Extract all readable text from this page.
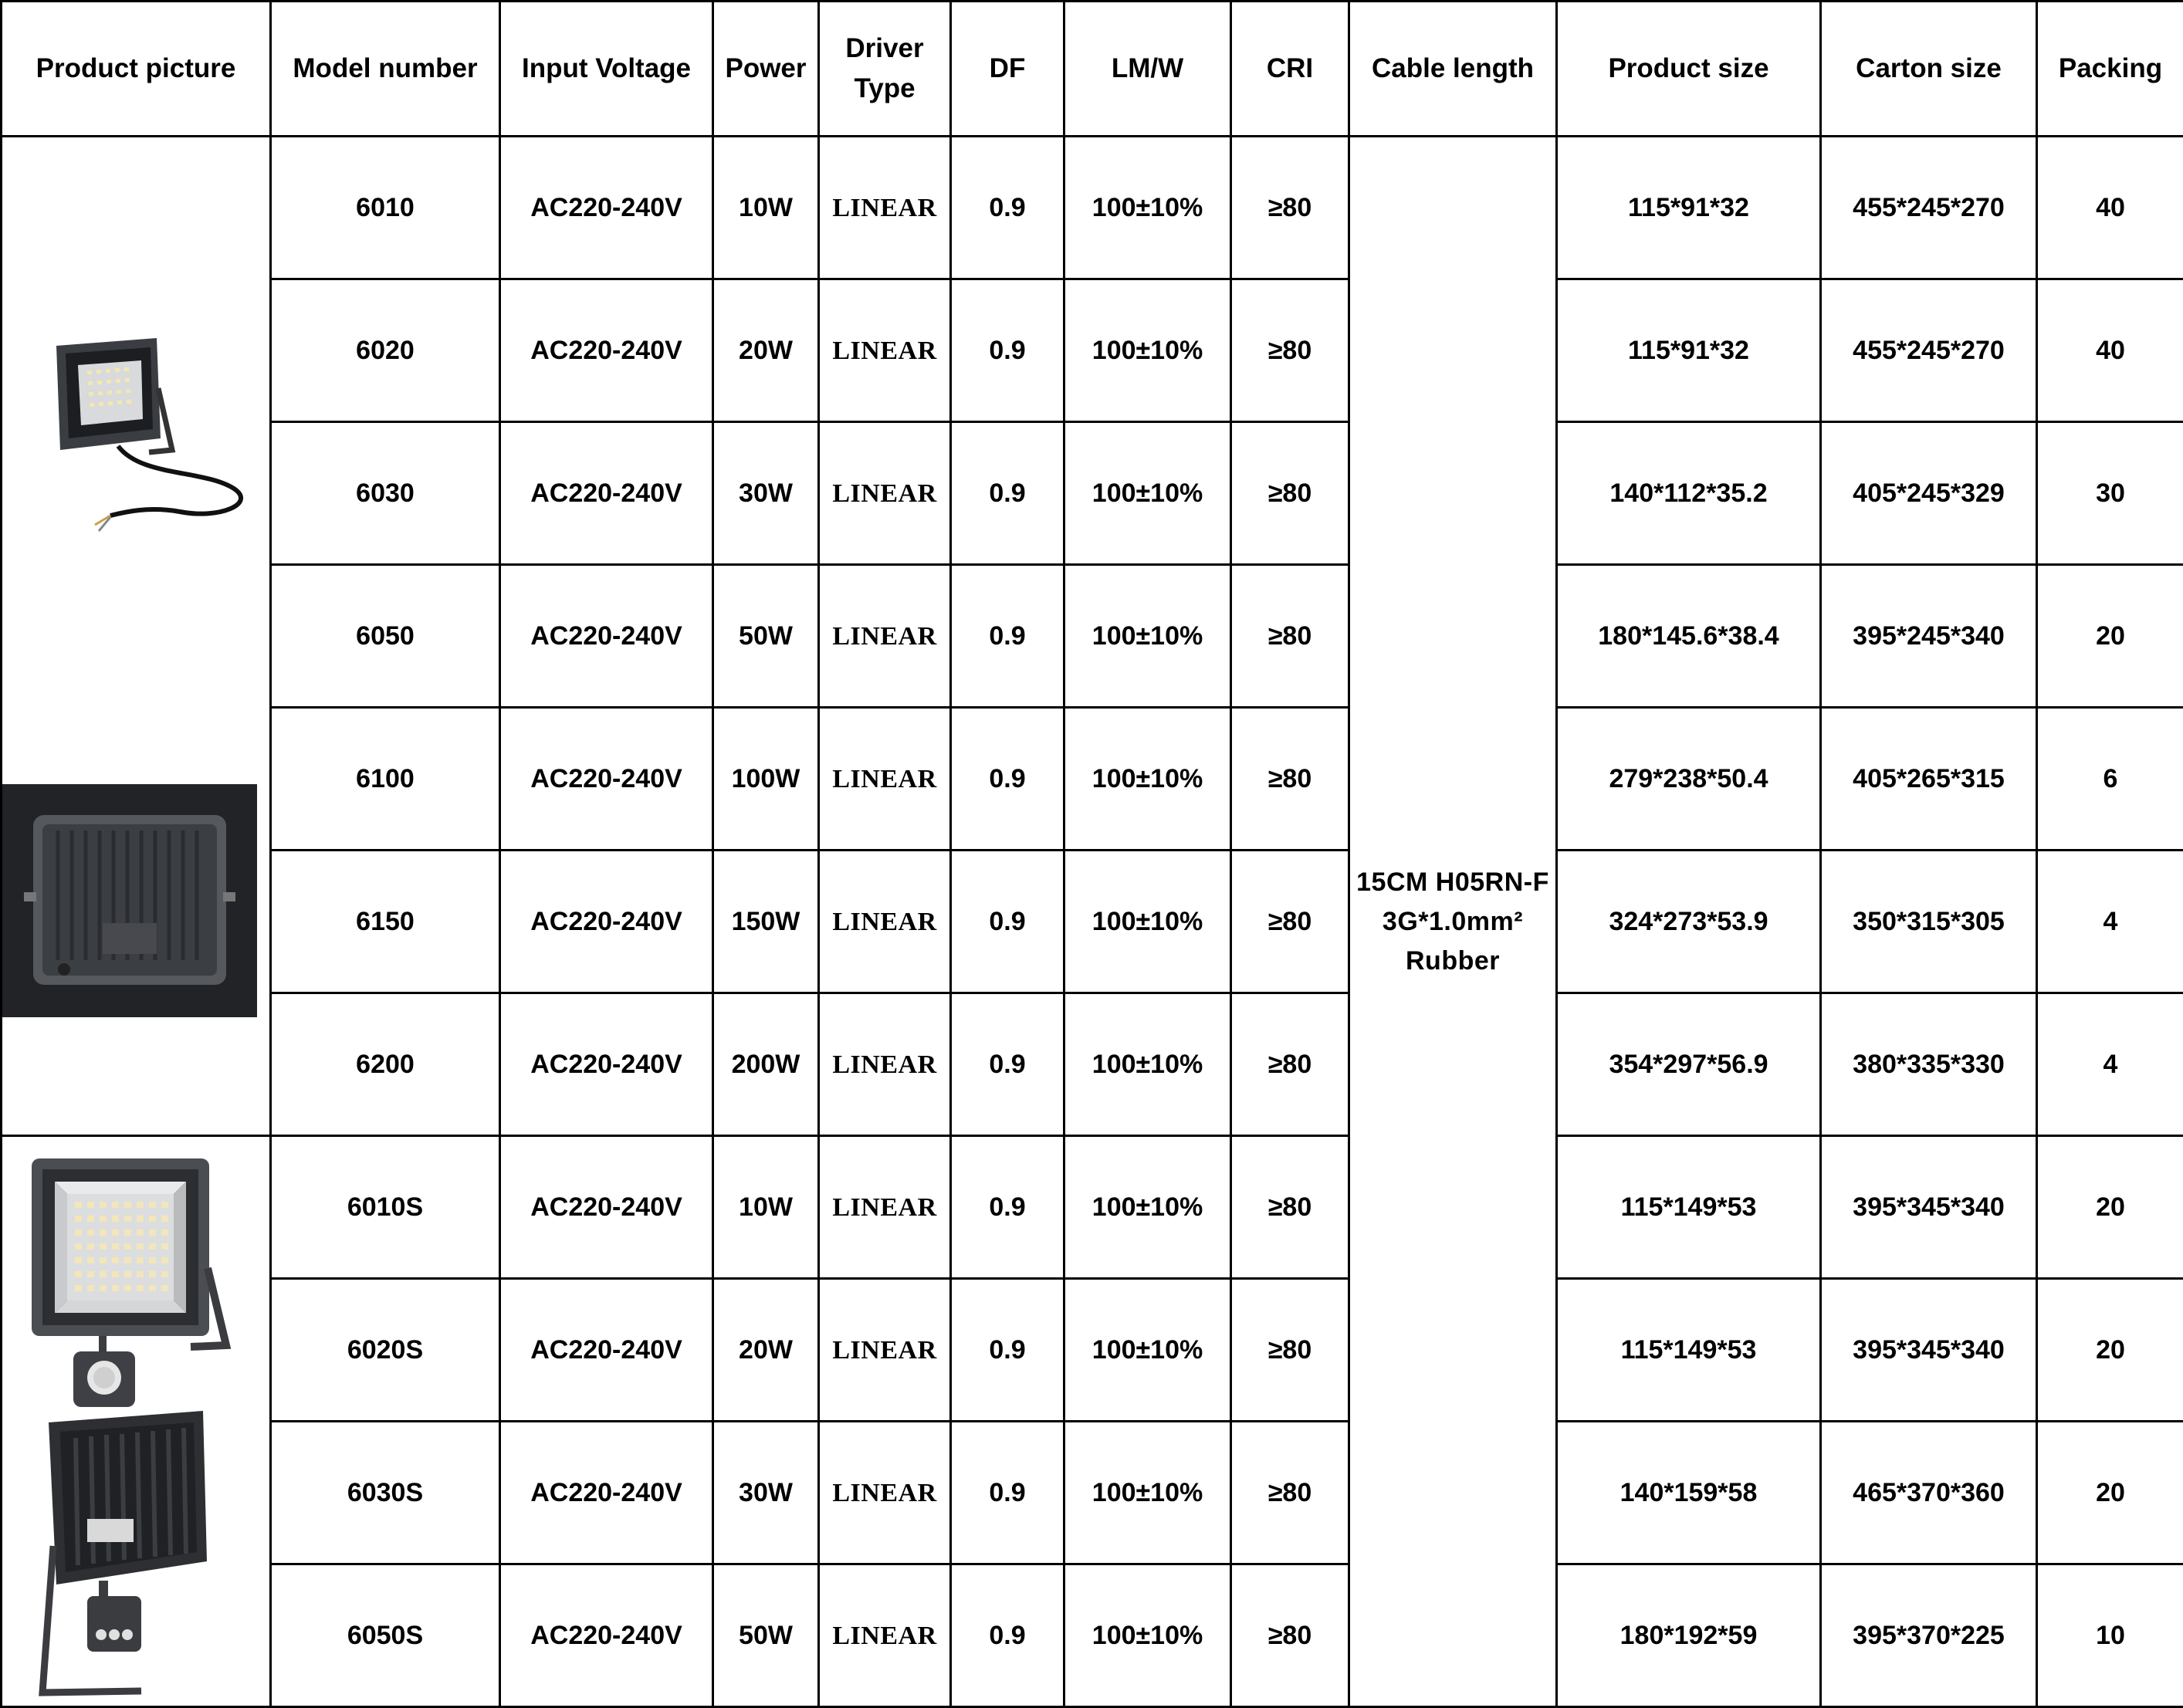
Product picture	Model number	Input Voltage	Power	Driver
Type	DF	LM/W	CRI	Cable length	Product size	Carton size	Packing

	6010	AC220-240V	10W	LINEAR	0.9	100±10%	≥80	15CM H05RN-F
3G*1.0mm²
Rubber	115*91*32	455*245*270	40
	6020	AC220-240V	20W	LINEAR	0.9	100±10%	≥80		115*91*32	455*245*270	40
	6030	AC220-240V	30W	LINEAR	0.9	100±10%	≥80		140*112*35.2	405*245*329	30
	6050	AC220-240V	50W	LINEAR	0.9	100±10%	≥80		180*145.6*38.4	395*245*340	20
	6100	AC220-240V	100W	LINEAR	0.9	100±10%	≥80		279*238*50.4	405*265*315	6
	6150	AC220-240V	150W	LINEAR	0.9	100±10%	≥80		324*273*53.9	350*315*305	4
	6200	AC220-240V	200W	LINEAR	0.9	100±10%	≥80		354*297*56.9	380*335*330	4

	6010S	AC220-240V	10W	LINEAR	0.9	100±10%	≥80		115*149*53	395*345*340	20
	6020S	AC220-240V	20W	LINEAR	0.9	100±10%	≥80		115*149*53	395*345*340	20
	6030S	AC220-240V	30W	LINEAR	0.9	100±10%	≥80		140*159*58	465*370*360	20
	6050S	AC220-240V	50W	LINEAR	0.9	100±10%	≥80		180*192*59	395*370*225	10
